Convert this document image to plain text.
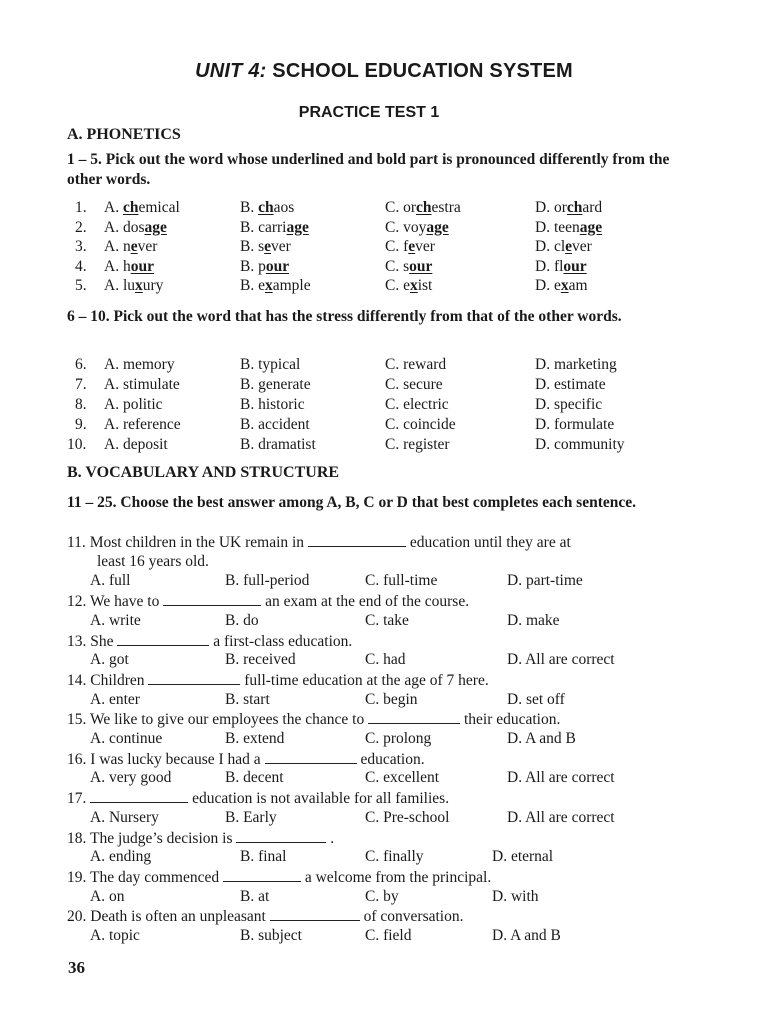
UNIT 4: SCHOOL EDUCATION SYSTEM
PRACTICE TEST 1
A. PHONETICS
1 – 5. Pick out the word whose underlined and bold part is pronounced differently from the other words.
1. A. chemical	B. chaos	C. orchestra	D. orchard
2. A. dosage	B. carriage	C. voyage	D. teenage
3. A. never	B. sever	C. fever	D. clever
4. A. hour	B. pour	C. sour	D. flour
5. A. luxury	B. example	C. exist	D. exam
6 – 10. Pick out the word that has the stress differently from that of the other words.
6. A. memory	B. typical	C. reward	D. marketing
7. A. stimulate	B. generate	C. secure	D. estimate
8. A. politic	B. historic	C. electric	D. specific
9. A. reference	B. accident	C. coincide	D. formulate
10. A. deposit	B. dramatist	C. register	D. community
B. VOCABULARY AND STRUCTURE
11 – 25. Choose the best answer among A, B, C or D that best completes each sentence.
11. Most children in the UK remain in	education until they are at
least 16 years old.
A. full	B. full-period	C. full-time	D. part-time
12. We have to	an exam at the end of the course.
A. write	B. do	C. take	D. make
13. She	a first-class education.
A. got	B. received	C. had	D. All are correct
14. Children	full-time education at the age of 7 here.
A. enter	B. start	C. begin	D. set off
15. We like to give our employees the chance to	their education.
A. continue	B. extend	C. prolong	D. A and B
16. I was lucky because I had a	education.
A. very good	B. decent	C. excellent	D. All are correct
17.	education is not available for all families.
A. Nursery	B. Early	C. Pre-school	D. All are correct
18. The judge’s decision is	.
A. ending	B. final	C. finally	D. eternal
19. The day commenced	a welcome from the principal.
A. on	B. at	C. by	D. with
20. Death is often an unpleasant	of conversation.
A. topic	B. subject	C. field	D. A and B
36
